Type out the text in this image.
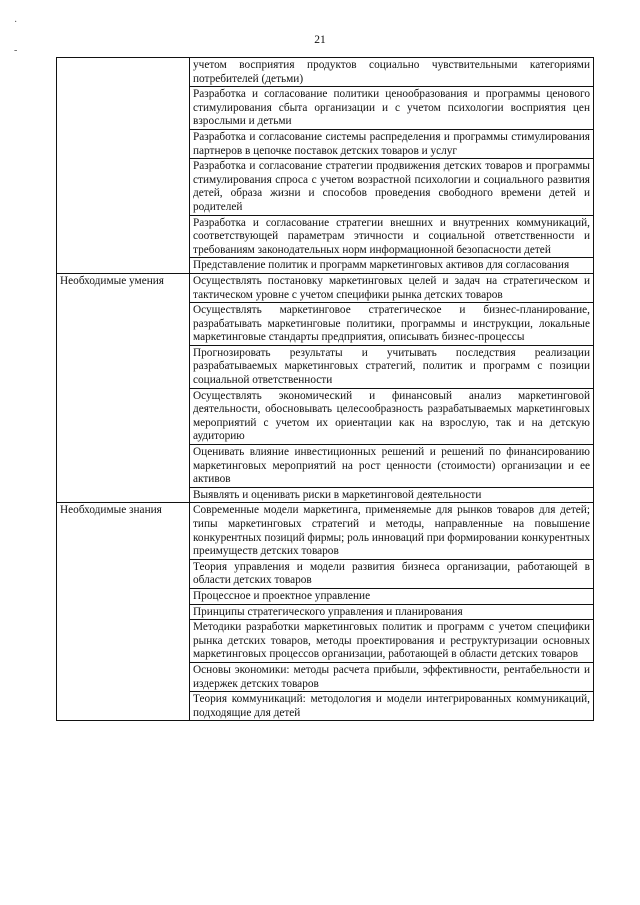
21
·
-
	учетом восприятия продуктов социально чувствительными категориями потребителей (детьми)
	Разработка и согласование политики ценообразования и программы ценового стимулирования сбыта организации и с учетом психологии восприятия цен взрослыми и детьми
	Разработка и согласование системы распределения и программы стимулирования партнеров в цепочке поставок детских товаров и услуг
	Разработка и согласование стратегии продвижения детских товаров и программы стимулирования спроса с учетом возрастной психологии и социального развития детей, образа жизни и способов проведения свободного времени детей и родителей
	Разработка и согласование стратегии внешних и внутренних коммуникаций, соответствующей параметрам этичности и социальной ответственности и требованиям законодательных норм информационной безопасности детей
	Представление политик и программ маркетинговых активов для согласования
Необходимые умения	Осуществлять постановку маркетинговых целей и задач на стратегическом и тактическом уровне с учетом специфики рынка детских товаров
	Осуществлять маркетинговое стратегическое и бизнес-планирование, разрабатывать маркетинговые политики, программы и инструкции, локальные маркетинговые стандарты предприятия, описывать бизнес-процессы
	Прогнозировать результаты и учитывать последствия реализации разрабатываемых маркетинговых стратегий, политик и программ с позиции социальной ответственности
	Осуществлять экономический и финансовый анализ маркетинговой деятельности, обосновывать целесообразность разрабатываемых маркетинговых мероприятий с учетом их ориентации как на взрослую, так и на детскую аудиторию
	Оценивать влияние инвестиционных решений и решений по финансированию маркетинговых мероприятий на рост ценности (стоимости) организации и ее активов
	Выявлять и оценивать риски в маркетинговой деятельности
Необходимые знания	Современные модели маркетинга, применяемые для рынков товаров для детей; типы маркетинговых стратегий и методы, направленные на повышение конкурентных позиций фирмы; роль инноваций при формировании конкурентных преимуществ детских товаров
	Теория управления и модели развития бизнеса организации, работающей в области детских товаров
	Процессное и проектное управление
	Принципы стратегического управления и планирования
	Методики разработки маркетинговых политик и программ с учетом специфики рынка детских товаров, методы проектирования и реструктуризации основных маркетинговых процессов организации, работающей в области детских товаров
	Основы экономики: методы расчета прибыли, эффективности, рентабельности и издержек детских товаров
	Теория коммуникаций: методология и модели интегрированных коммуникаций, подходящие для детей
